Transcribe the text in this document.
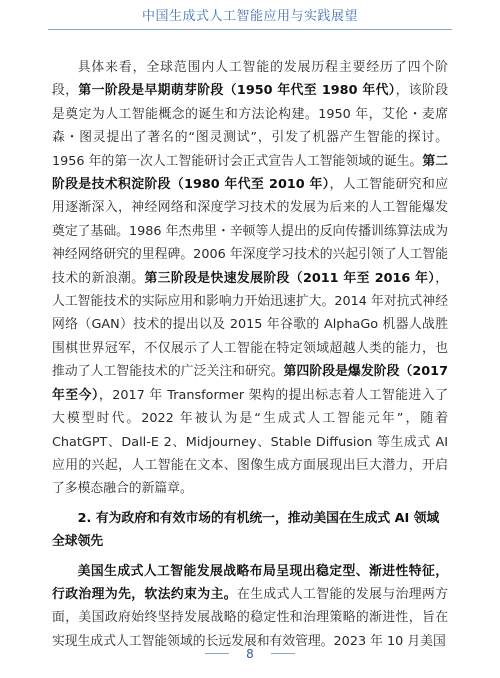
中国生成式人工智能应用与实践展望

具体来看，全球范围内人工智能的发展历程主要经历了四个阶段，第一阶段是早期萌芽阶段（1950 年代至 1980 年代），该阶段是奠定为人工智能概念的诞生和方法论构建。1950 年，艾伦・麦席森・图灵提出了著名的“图灵测试”，引发了机器产生智能的探讨。1956 年的第一次人工智能研讨会正式宣告人工智能领域的诞生。第二阶段是技术积淀阶段（1980 年代至 2010 年），人工智能研究和应用逐渐深入，神经网络和深度学习技术的发展为后来的人工智能爆发奠定了基础。1986 年杰弗里・辛顿等人提出的反向传播训练算法成为神经网络研究的里程碑。2006 年深度学习技术的兴起引领了人工智能技术的新浪潮。第三阶段是快速发展阶段（2011 年至 2016 年），人工智能技术的实际应用和影响力开始迅速扩大。2014 年对抗式神经网络（GAN）技术的提出以及 2015 年谷歌的 AlphaGo 机器人战胜围棋世界冠军，不仅展示了人工智能在特定领域超越人类的能力，也推动了人工智能技术的广泛关注和研究。第四阶段是爆发阶段（2017 年至今），2017 年 Transformer 架构的提出标志着人工智能进入了大模型时代。2022 年被认为是“生成式人工智能元年”，随着 ChatGPT、Dall-E 2、Midjourney、Stable Diffusion 等生成式 AI 应用的兴起，人工智能在文本、图像生成方面展现出巨大潜力，开启了多模态融合的新篇章。

2. 有为政府和有效市场的有机统一，推动美国在生成式 AI 领域全球领先

美国生成式人工智能发展战略布局呈现出稳定型、渐进性特征，行政治理为先，软法约束为主。在生成式人工智能的发展与治理两方面，美国政府始终坚持发展战略的稳定性和治理策略的渐进性，旨在实现生成式人工智能领域的长远发展和有效管理。2023 年 10 月美国

8
